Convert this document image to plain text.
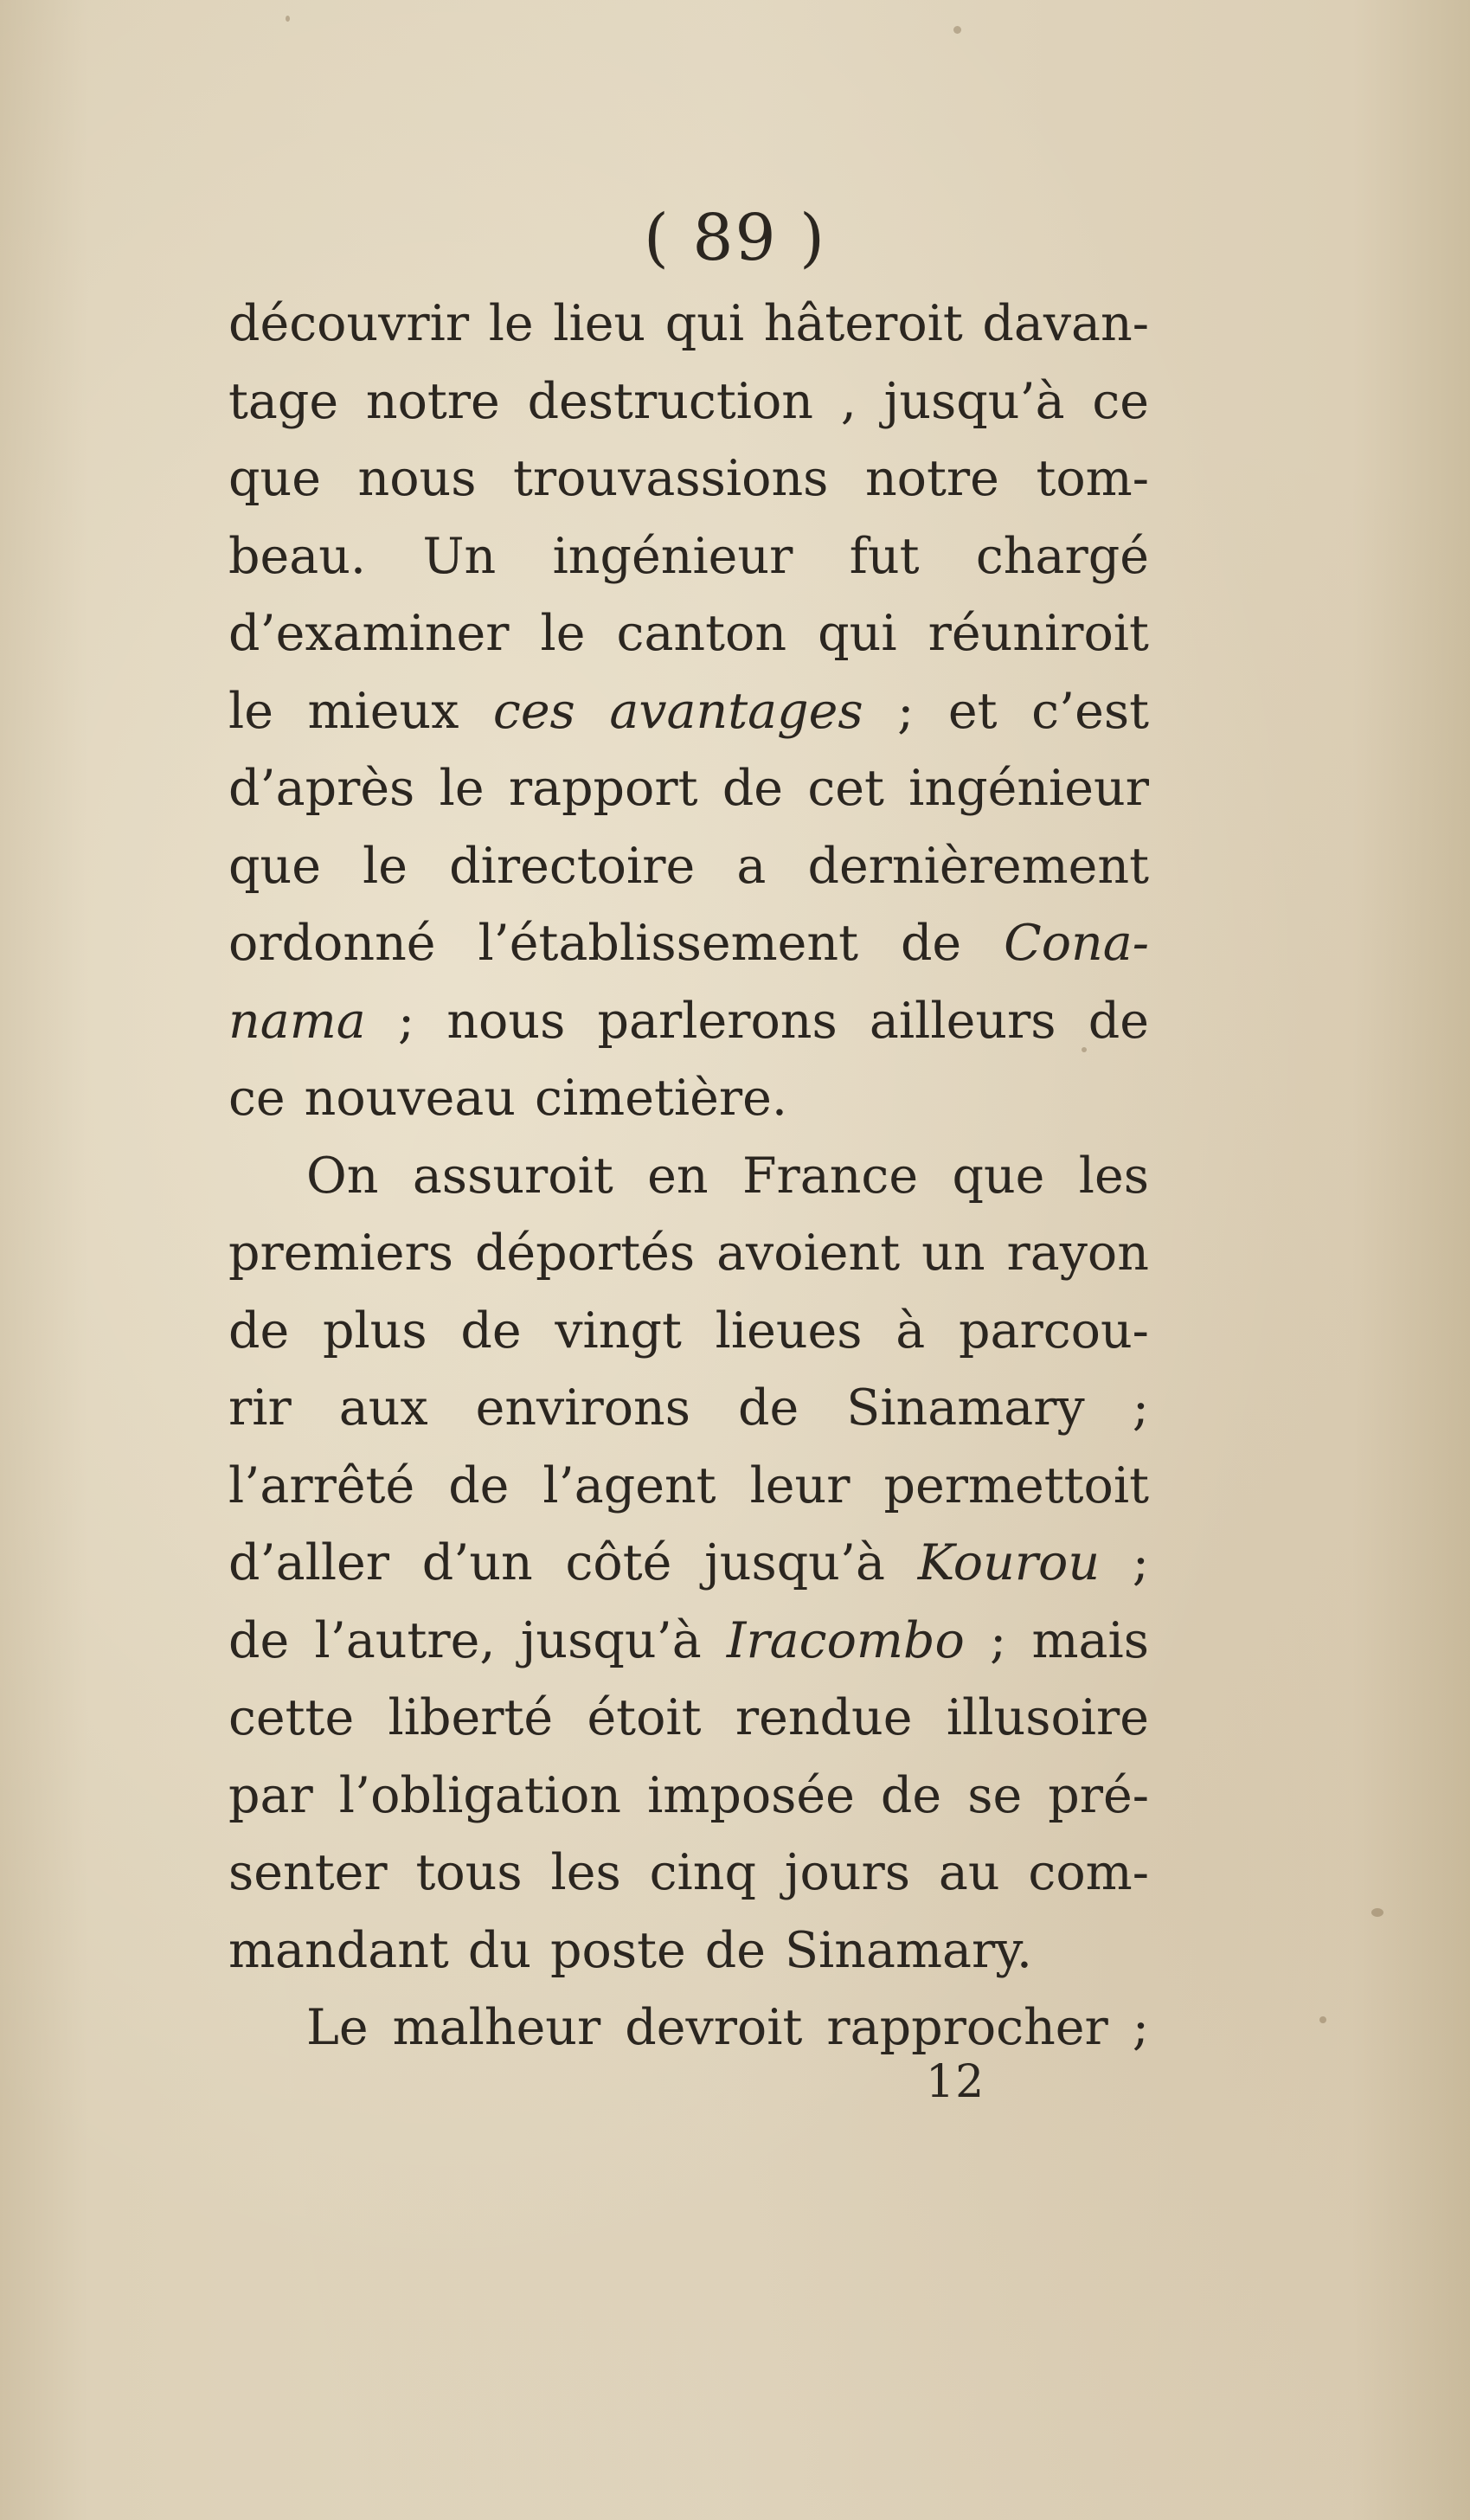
( 89 )
découvrir le lieu qui hâteroit davan-
tage notre destruction , jusqu’à ce
que nous trouvassions notre tom-
beau. Un ingénieur fut chargé
d’examiner le canton qui réuniroit
le mieux ces avantages ; et c’est
d’après le rapport de cet ingénieur
que le directoire a dernièrement
ordonné l’établissement de Cona-
nama ; nous parlerons ailleurs de
ce nouveau cimetière.
On assuroit en France que les
premiers déportés avoient un rayon
de plus de vingt lieues à parcou-
rir aux environs de Sinamary ;
l’arrêté de l’agent leur permettoit
d’aller d’un côté jusqu’à Kourou ;
de l’autre, jusqu’à Iracombo ; mais
cette liberté étoit rendue illusoire
par l’obligation imposée de se pré-
senter tous les cinq jours au com-
mandant du poste de Sinamary.
Le malheur devroit rapprocher ;
12
